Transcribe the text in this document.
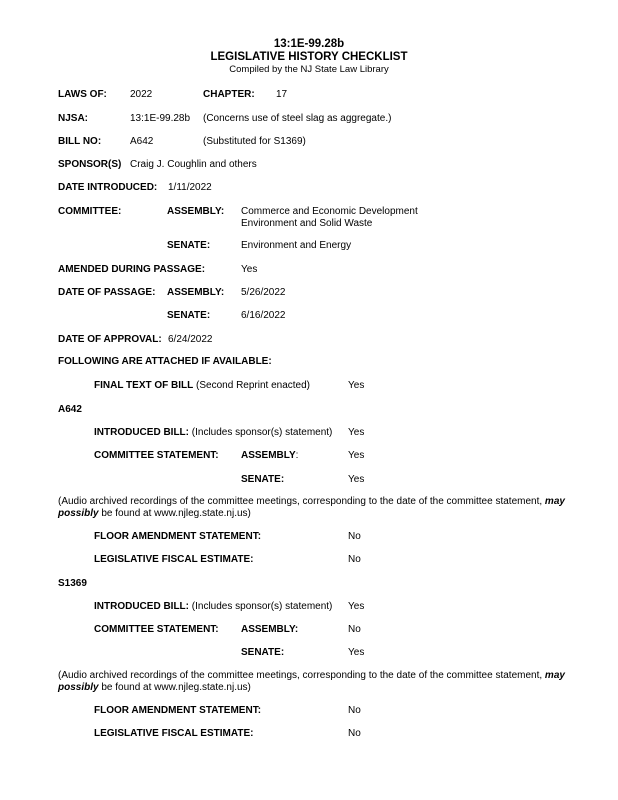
13:1E-99.28b
LEGISLATIVE HISTORY CHECKLIST
Compiled by the NJ State Law Library
LAWS OF: 2022	CHAPTER: 17
NJSA:	13:1E-99.28b (Concerns use of steel slag as aggregate.)
BILL NO:	A642	(Substituted for S1369)
SPONSOR(S) Craig J. Coughlin and others
DATE INTRODUCED: 1/11/2022
COMMITTEE:	ASSEMBLY: Commerce and Economic Development
Environment and Solid Waste
SENATE:	Environment and Energy
AMENDED DURING PASSAGE:	Yes
DATE OF PASSAGE: ASSEMBLY: 5/26/2022
SENATE:	6/16/2022
DATE OF APPROVAL: 6/24/2022
FOLLOWING ARE ATTACHED IF AVAILABLE:
FINAL TEXT OF BILL (Second Reprint enacted)	Yes
A642
INTRODUCED BILL: (Includes sponsor(s) statement) Yes
COMMITTEE STATEMENT: ASSEMBLY:	Yes
SENATE:	Yes
(Audio archived recordings of the committee meetings, corresponding to the date of the committee statement, may possibly be found at www.njleg.state.nj.us)
FLOOR AMENDMENT STATEMENT:	No
LEGISLATIVE FISCAL ESTIMATE:	No
S1369
INTRODUCED BILL: (Includes sponsor(s) statement) Yes
COMMITTEE STATEMENT: ASSEMBLY:	No
SENATE:	Yes
(Audio archived recordings of the committee meetings, corresponding to the date of the committee statement, may possibly be found at www.njleg.state.nj.us)
FLOOR AMENDMENT STATEMENT:	No
LEGISLATIVE FISCAL ESTIMATE:	No
